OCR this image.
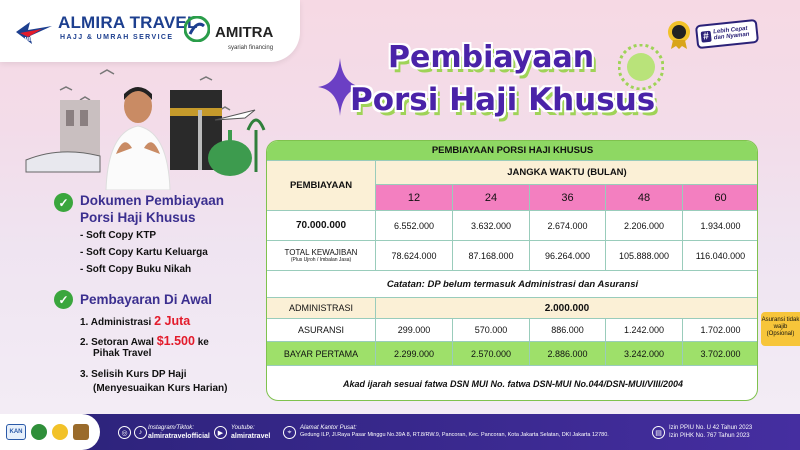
ALMIRA
ALMIRA TRAVEL
HAJJ & UMRAH SERVICE	AMITRA
syariah financing
#
Lebih Cepat dan Nyaman
Pembiayaan
Porsi Haji Khusus
✓ Dokumen Pembiayaan
Porsi Haji Khusus
- Soft Copy KTP
- Soft Copy Kartu Keluarga
- Soft Copy Buku Nikah
✓ Pembayaran Di Awal
1. Administrasi 2 Juta
2. Setoran Awal $1.500 ke
Pihak Travel
3. Selisih Kurs DP Haji
(Menyesuaikan Kurs Harian)
PEMBIAYAAN PORSI HAJI KHUSUS
PEMBIAYAAN
JANGKA WAKTU (BULAN)
12	24	36	48	60
70.000.000	6.552.000	3.632.000	2.674.000	2.206.000	1.934.000
TOTAL KEWAJIBAN
(Plus Ujroh / Imbalan Jasa)	78.624.000	87.168.000	96.264.000	105.888.000	116.040.000
Catatan: DP belum termasuk Administrasi dan Asuransi
ADMINISTRASI	2.000.000
ASURANSI	299.000	570.000	886.000	1.242.000	1.702.000
BAYAR PERTAMA	2.299.000	2.570.000	2.886.000	3.242.000	3.702.000
Akad ijarah sesuai fatwa DSN MUI No. fatwa DSN-MUI No.044/DSN-MUI/VIII/2004
Asuransi tidak wajib (Opsional)
KAN	◎	♪
Instagram/Tiktok:
almiratravelofficial
▶
Youtube:
almiratravel
⌖
Alamat Kantor Pusat:
Gedung ILP, Jl.Raya Pasar Minggu No.39A 8, RT.8/RW.9, Pancoran, Kec. Pancoran, Kota Jakarta Selatan, DKI Jakarta 12780.	▤
Izin PPIU No. U 42 Tahun 2023
Izin PIHK No. 767 Tahun 2023
